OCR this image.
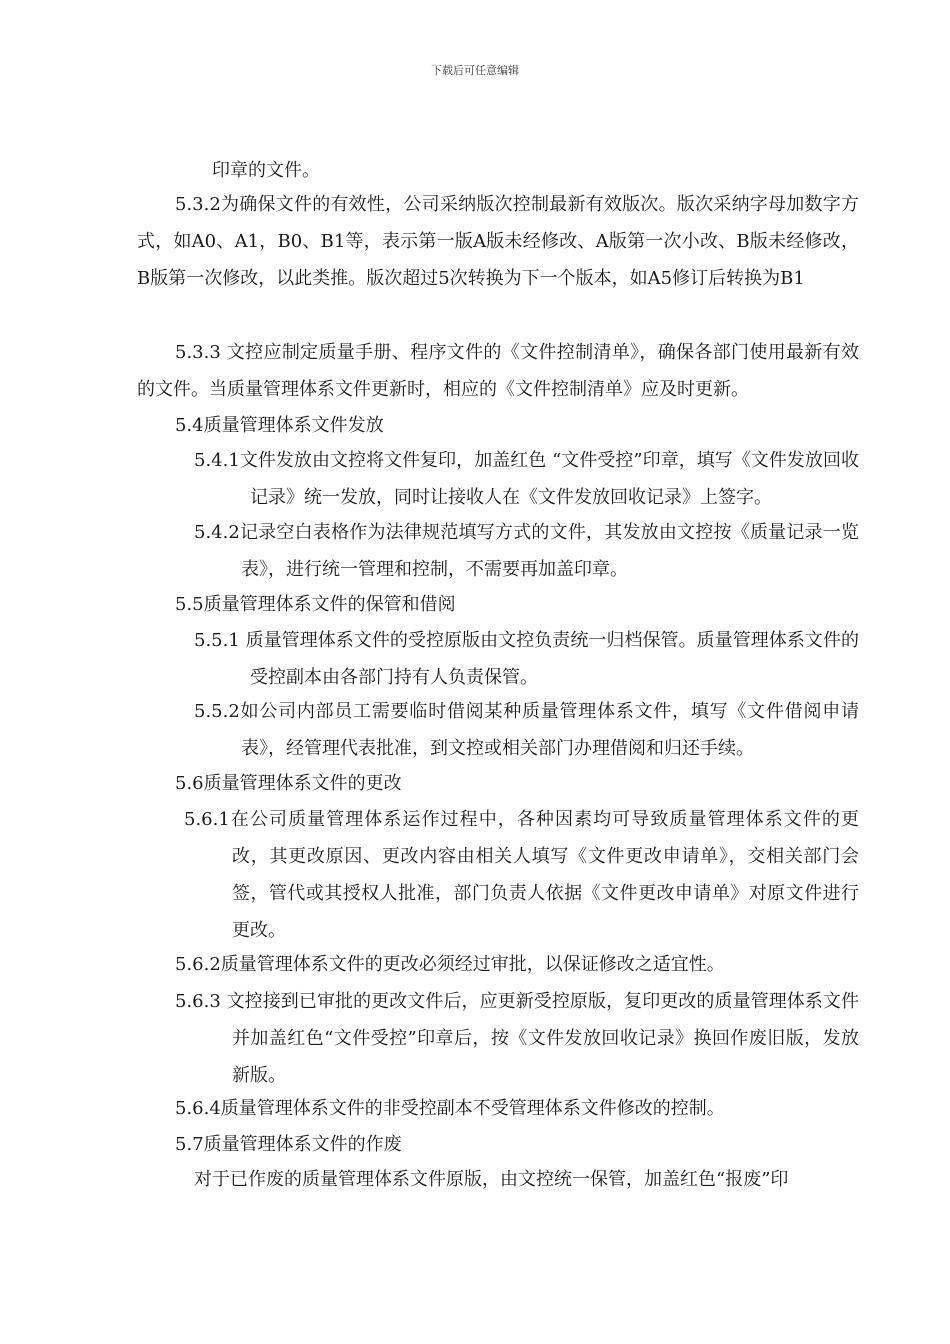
下载后可任意编辑
印章的文件。
5.3.2为确保文件的有效性，公司采纳版次控制最新有效版次。版次采纳字母加数字方式，如A0、A1，B0、B1等，表示第一版A版未经修改、A版第一次小改、B版未经修改，B版第一次修改，以此类推。版次超过5次转换为下一个版本，如A5修订后转换为B1
5.3.3 文控应制定质量手册、程序文件的《文件控制清单》，确保各部门使用最新有效的文件。当质量管理体系文件更新时，相应的《文件控制清单》应及时更新。
5.4质量管理体系文件发放
5.4.1文件发放由文控将文件复印，加盖红色 “文件受控”印章，填写《文件发放回收记录》统一发放，同时让接收人在《文件发放回收记录》上签字。
5.4.2记录空白表格作为法律规范填写方式的文件，其发放由文控按《质量记录一览表》，进行统一管理和控制，不需要再加盖印章。
5.5质量管理体系文件的保管和借阅
5.5.1 质量管理体系文件的受控原版由文控负责统一归档保管。质量管理体系文件的受控副本由各部门持有人负责保管。
5.5.2如公司内部员工需要临时借阅某种质量管理体系文件，填写《文件借阅申请表》，经管理代表批准，到文控或相关部门办理借阅和归还手续。
5.6质量管理体系文件的更改
5.6.1在公司质量管理体系运作过程中，各种因素均可导致质量管理体系文件的更改，其更改原因、更改内容由相关人填写《文件更改申请单》，交相关部门会签，管代或其授权人批准，部门负责人依据《文件更改申请单》对原文件进行更改。
5.6.2质量管理体系文件的更改必须经过审批，以保证修改之适宜性。
5.6.3 文控接到已审批的更改文件后，应更新受控原版，复印更改的质量管理体系文件并加盖红色“文件受控”印章后，按《文件发放回收记录》换回作废旧版，发放新版。
5.6.4质量管理体系文件的非受控副本不受管理体系文件修改的控制。
5.7质量管理体系文件的作废
对于已作废的质量管理体系文件原版，由文控统一保管，加盖红色“报废”印
